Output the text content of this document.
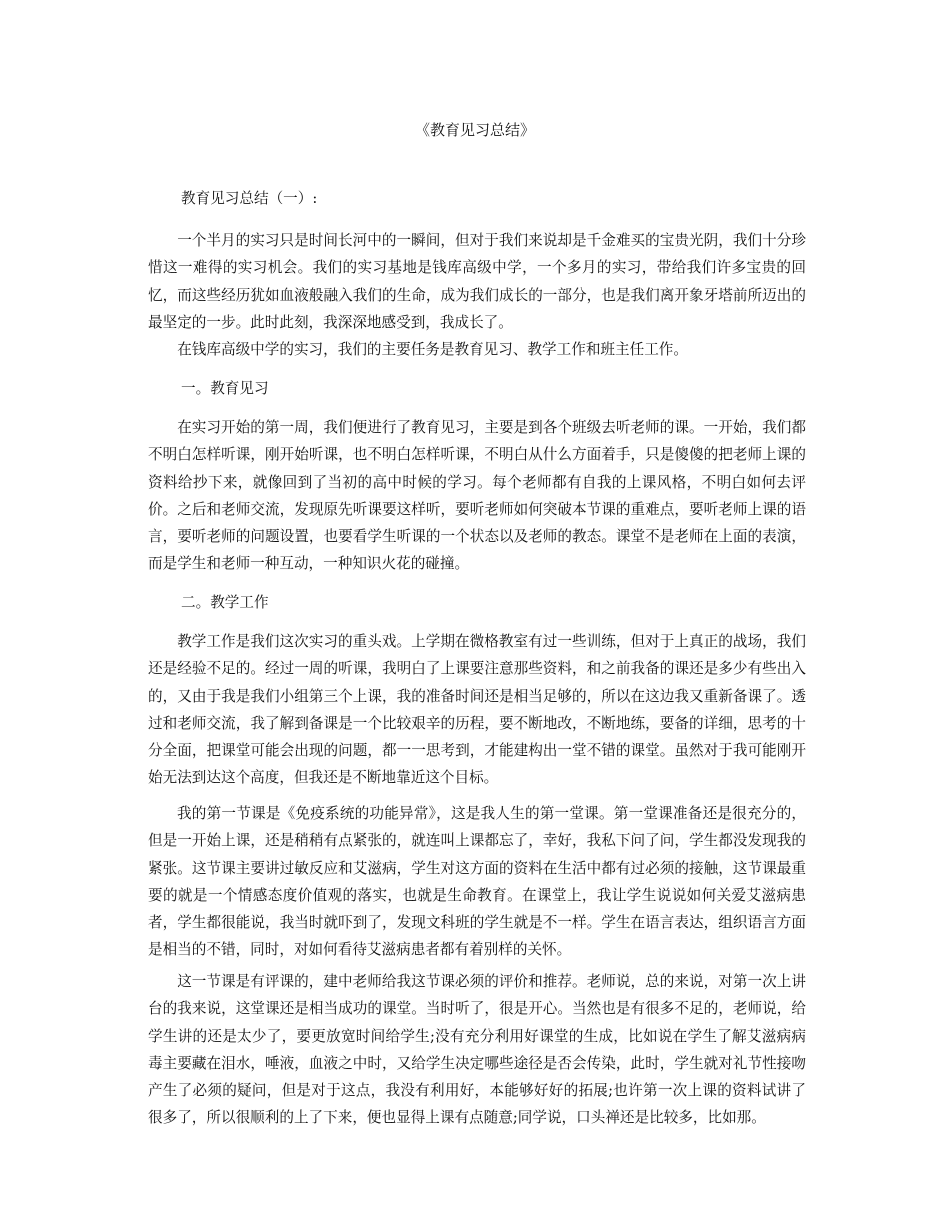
《教育见习总结》

教育见习总结（一）:

一个半月的实习只是时间长河中的一瞬间，但对于我们来说却是千金难买的宝贵光阴，我们十分珍惜这一难得的实习机会。我们的实习基地是钱库高级中学，一个多月的实习，带给我们许多宝贵的回忆，而这些经历犹如血液般融入我们的生命，成为我们成长的一部分，也是我们离开象牙塔前所迈出的最坚定的一步。此时此刻，我深深地感受到，我成长了。

在钱库高级中学的实习，我们的主要任务是教育见习、教学工作和班主任工作。

一。教育见习

在实习开始的第一周，我们便进行了教育见习，主要是到各个班级去听老师的课。一开始，我们都不明白怎样听课，刚开始听课，也不明白怎样听课，不明白从什么方面着手，只是傻傻的把老师上课的资料给抄下来，就像回到了当初的高中时候的学习。每个老师都有自我的上课风格，不明白如何去评价。之后和老师交流，发现原先听课要这样听，要听老师如何突破本节课的重难点，要听老师上课的语言，要听老师的问题设置，也要看学生听课的一个状态以及老师的教态。课堂不是老师在上面的表演，而是学生和老师一种互动，一种知识火花的碰撞。

二。教学工作

教学工作是我们这次实习的重头戏。上学期在微格教室有过一些训练，但对于上真正的战场，我们还是经验不足的。经过一周的听课，我明白了上课要注意那些资料，和之前我备的课还是多少有些出入的，又由于我是我们小组第三个上课，我的准备时间还是相当足够的，所以在这边我又重新备课了。透过和老师交流，我了解到备课是一个比较艰辛的历程，要不断地改，不断地练，要备的详细，思考的十分全面，把课堂可能会出现的问题，都一一思考到，才能建构出一堂不错的课堂。虽然对于我可能刚开始无法到达这个高度，但我还是不断地靠近这个目标。

我的第一节课是《免疫系统的功能异常》，这是我人生的第一堂课。第一堂课准备还是很充分的，但是一开始上课，还是稍稍有点紧张的，就连叫上课都忘了，幸好，我私下问了问，学生都没发现我的紧张。这节课主要讲过敏反应和艾滋病，学生对这方面的资料在生活中都有过必须的接触，这节课最重要的就是一个情感态度价值观的落实，也就是生命教育。在课堂上，我让学生说说如何关爱艾滋病患者，学生都很能说，我当时就吓到了，发现文科班的学生就是不一样。学生在语言表达，组织语言方面是相当的不错，同时，对如何看待艾滋病患者都有着别样的关怀。

这一节课是有评课的，建中老师给我这节课必须的评价和推荐。老师说，总的来说，对第一次上讲台的我来说，这堂课还是相当成功的课堂。当时听了，很是开心。当然也是有很多不足的，老师说，给学生讲的还是太少了，要更放宽时间给学生;没有充分利用好课堂的生成，比如说在学生了解艾滋病病毒主要藏在泪水，唾液，血液之中时，又给学生决定哪些途径是否会传染，此时，学生就对礼节性接吻产生了必须的疑问，但是对于这点，我没有利用好，本能够好好的拓展;也许第一次上课的资料试讲了很多了，所以很顺利的上了下来，便也显得上课有点随意;同学说，口头禅还是比较多，比如那。
